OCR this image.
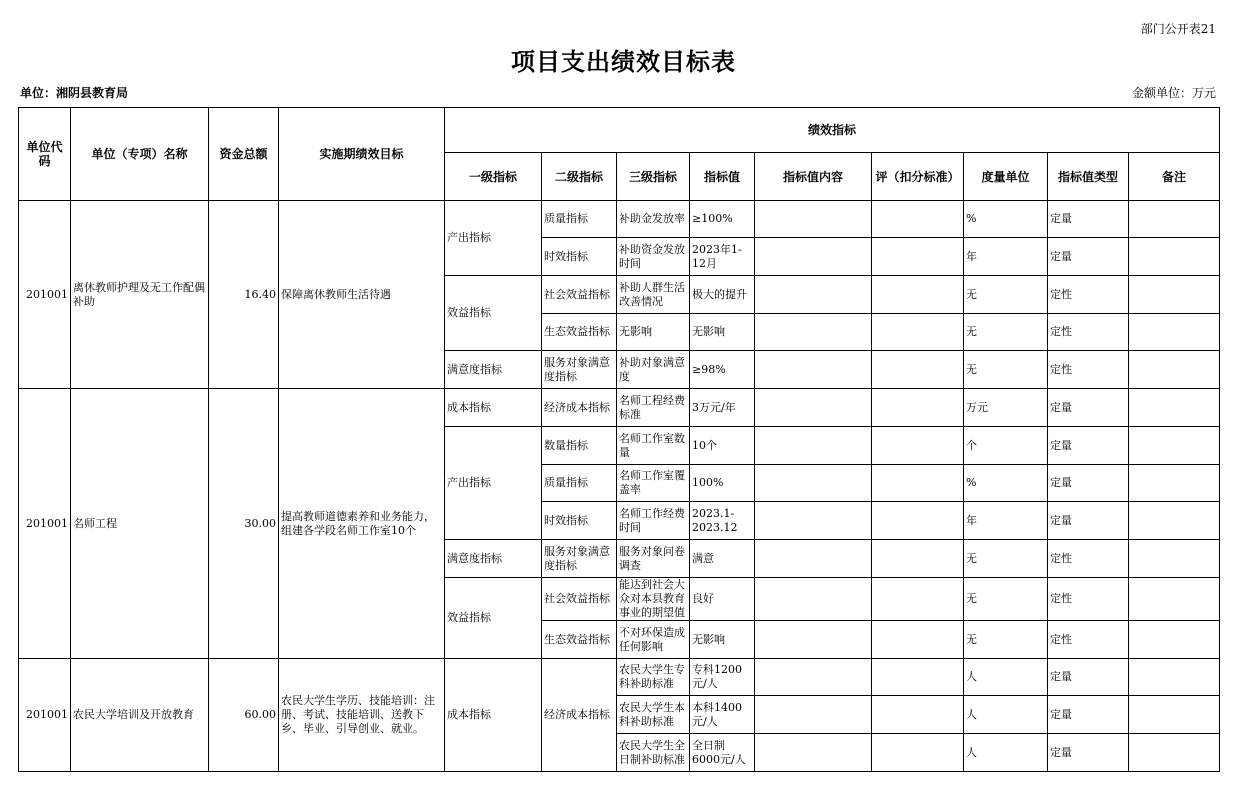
部门公开表21
项目支出绩效目标表
单位：湘阴县教育局	金额单位：万元
单位代码	单位（专项）名称	资金总额	实施期绩效目标	绩效指标								
				一级指标	二级指标	三级指标	指标值	指标值内容	评（扣分标准）	度量单位	指标值类型	备注
201001	离休教师护理及无工作配偶补助	16.40	保障离休教师生活待遇	产出指标	质量指标	补助金发放率	≥100%			%	定量	
					时效指标	补助资金发放时间	2023年1-12月			年	定量	
				效益指标	社会效益指标	补助人群生活改善情况	极大的提升			无	定性	
					生态效益指标	无影响	无影响			无	定性	
				满意度指标	服务对象满意度指标	补助对象满意度	≥98%			无	定性	
201001	名师工程	30.00	提高教师道德素养和业务能力，组建各学段名师工作室10个	成本指标	经济成本指标	名师工程经费标准	3万元/年			万元	定量	
				产出指标	数量指标	名师工作室数量	10个			个	定量	
					质量指标	名师工作室覆盖率	100%			%	定量	
					时效指标	名师工作经费时间	2023.1-2023.12			年	定量	
				满意度指标	服务对象满意度指标	服务对象问卷调查	满意			无	定性	
				效益指标	社会效益指标	能达到社会大众对本县教育事业的期望值	良好			无	定性	
					生态效益指标	不对环保造成任何影响	无影响			无	定性	
201001	农民大学培训及开放教育	60.00	农民大学生学历、技能培训：注册、考试、技能培训、送教下乡、毕业、引导创业、就业。	成本指标	经济成本指标	农民大学生专科补助标准	专科1200元/人			人	定量	
						农民大学生本科补助标准	本科1400元/人			人	定量	
						农民大学生全日制补助标准	全日制6000元/人			人	定量	
